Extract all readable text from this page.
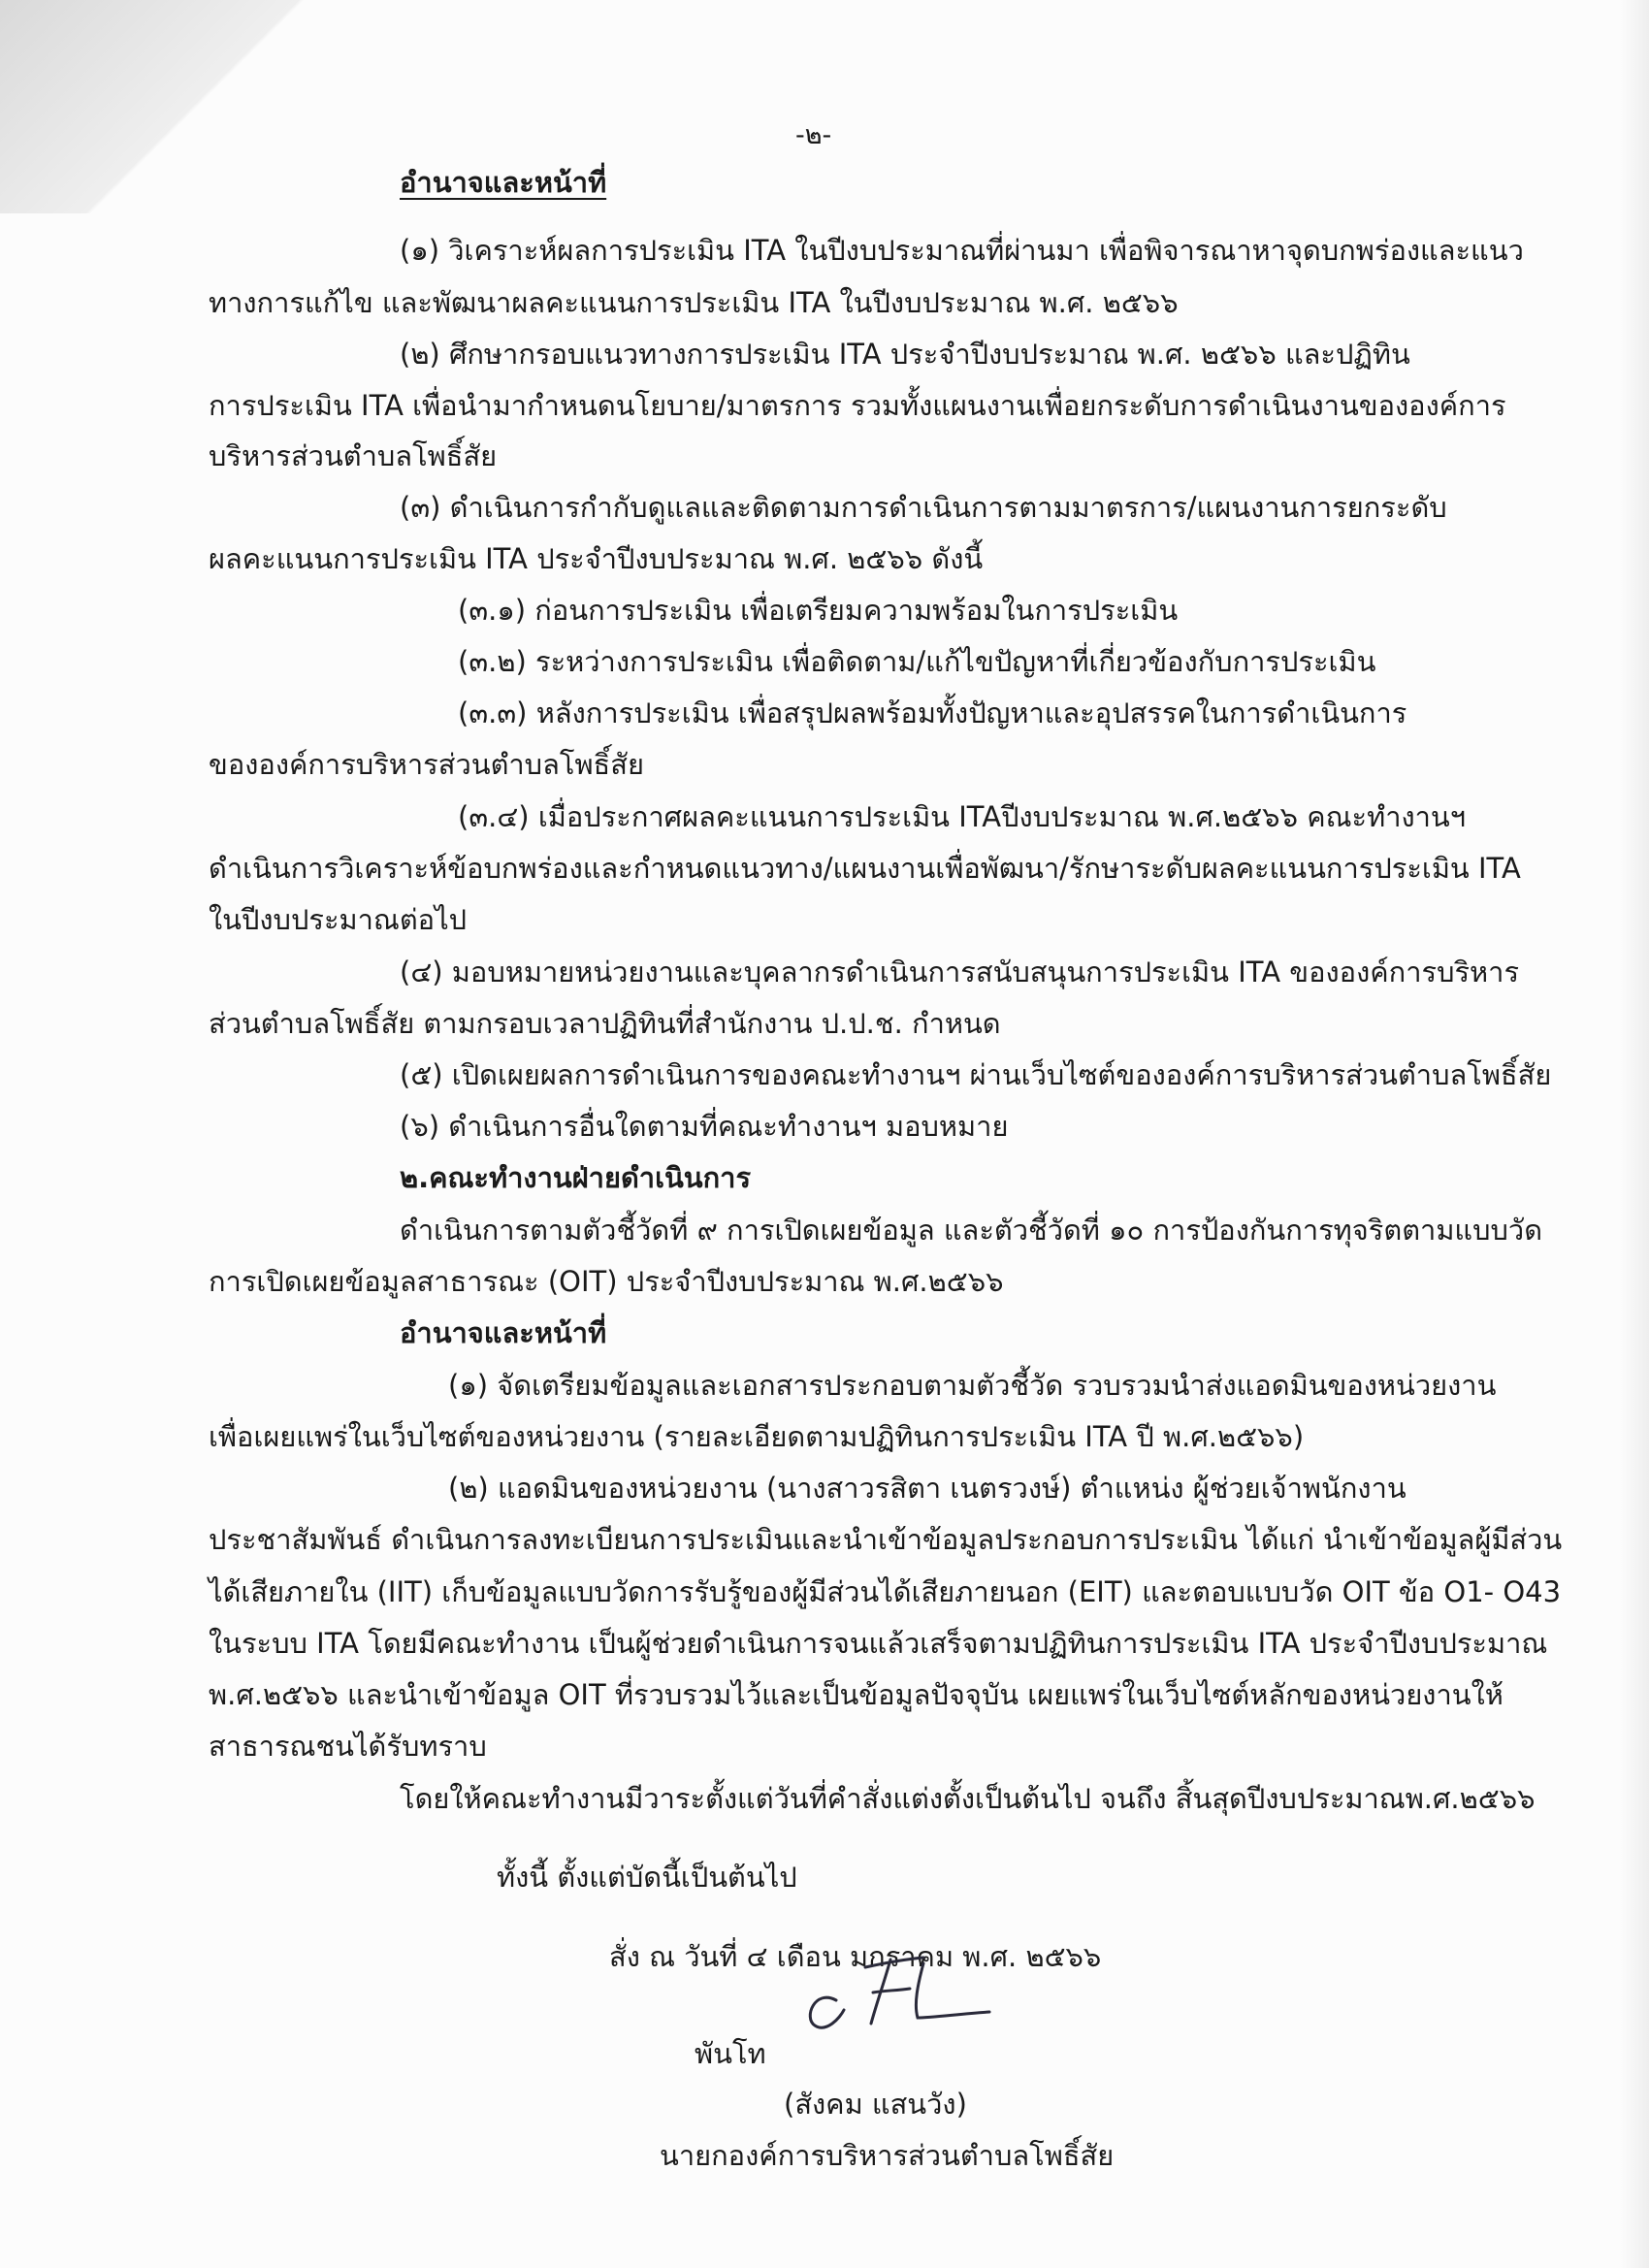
-๒-
อำนาจและหน้าที่
(๑) วิเคราะห์ผลการประเมิน ITA ในปีงบประมาณที่ผ่านมา เพื่อพิจารณาหาจุดบกพร่องและแนว
ทางการแก้ไข และพัฒนาผลคะแนนการประเมิน ITA ในปีงบประมาณ พ.ศ. ๒๕๖๖
(๒) ศึกษากรอบแนวทางการประเมิน ITA ประจำปีงบประมาณ พ.ศ. ๒๕๖๖ และปฏิทิน
การประเมิน ITA เพื่อนำมากำหนดนโยบาย/มาตรการ รวมทั้งแผนงานเพื่อยกระดับการดำเนินงานขององค์การ
บริหารส่วนตำบลโพธิ์สัย
(๓) ดำเนินการกำกับดูแลและติดตามการดำเนินการตามมาตรการ/แผนงานการยกระดับ
ผลคะแนนการประเมิน ITA ประจำปีงบประมาณ พ.ศ. ๒๕๖๖ ดังนี้
(๓.๑) ก่อนการประเมิน เพื่อเตรียมความพร้อมในการประเมิน
(๓.๒) ระหว่างการประเมิน เพื่อติดตาม/แก้ไขปัญหาที่เกี่ยวข้องกับการประเมิน
(๓.๓) หลังการประเมิน เพื่อสรุปผลพร้อมทั้งปัญหาและอุปสรรคในการดำเนินการ
ขององค์การบริหารส่วนตำบลโพธิ์สัย
(๓.๔) เมื่อประกาศผลคะแนนการประเมิน ITAปีงบประมาณ พ.ศ.๒๕๖๖ คณะทำงานฯ
ดำเนินการวิเคราะห์ข้อบกพร่องและกำหนดแนวทาง/แผนงานเพื่อพัฒนา/รักษาระดับผลคะแนนการประเมิน ITA
ในปีงบประมาณต่อไป
(๔) มอบหมายหน่วยงานและบุคลากรดำเนินการสนับสนุนการประเมิน ITA ขององค์การบริหาร
ส่วนตำบลโพธิ์สัย ตามกรอบเวลาปฏิทินที่สำนักงาน ป.ป.ช. กำหนด
(๕) เปิดเผยผลการดำเนินการของคณะทำงานฯ ผ่านเว็บไซต์ขององค์การบริหารส่วนตำบลโพธิ์สัย
(๖) ดำเนินการอื่นใดตามที่คณะทำงานฯ มอบหมาย
๒.คณะทำงานฝ่ายดำเนินการ
ดำเนินการตามตัวชี้วัดที่ ๙ การเปิดเผยข้อมูล และตัวชี้วัดที่ ๑๐ การป้องกันการทุจริตตามแบบวัด
การเปิดเผยข้อมูลสาธารณะ (OIT) ประจำปีงบประมาณ พ.ศ.๒๕๖๖
อำนาจและหน้าที่
(๑) จัดเตรียมข้อมูลและเอกสารประกอบตามตัวชี้วัด รวบรวมนำส่งแอดมินของหน่วยงาน
เพื่อเผยแพร่ในเว็บไซต์ของหน่วยงาน (รายละเอียดตามปฏิทินการประเมิน ITA ปี พ.ศ.๒๕๖๖)
(๒) แอดมินของหน่วยงาน (นางสาวรสิตา เนตรวงษ์) ตำแหน่ง ผู้ช่วยเจ้าพนักงาน
ประชาสัมพันธ์ ดำเนินการลงทะเบียนการประเมินและนำเข้าข้อมูลประกอบการประเมิน ได้แก่ นำเข้าข้อมูลผู้มีส่วน
ได้เสียภายใน (IIT) เก็บข้อมูลแบบวัดการรับรู้ของผู้มีส่วนได้เสียภายนอก (EIT) และตอบแบบวัด OIT ข้อ O1- O43
ในระบบ ITA โดยมีคณะทำงาน เป็นผู้ช่วยดำเนินการจนแล้วเสร็จตามปฏิทินการประเมิน ITA ประจำปีงบประมาณ
พ.ศ.๒๕๖๖ และนำเข้าข้อมูล OIT ที่รวบรวมไว้และเป็นข้อมูลปัจจุบัน เผยแพร่ในเว็บไซต์หลักของหน่วยงานให้
สาธารณชนได้รับทราบ
โดยให้คณะทำงานมีวาระตั้งแต่วันที่คำสั่งแต่งตั้งเป็นต้นไป จนถึง สิ้นสุดปีงบประมาณพ.ศ.๒๕๖๖
ทั้งนี้ ตั้งแต่บัดนี้เป็นต้นไป
สั่ง ณ วันที่ ๔ เดือน มกราคม พ.ศ. ๒๕๖๖
พันโท
(สังคม แสนวัง)
นายกองค์การบริหารส่วนตำบลโพธิ์สัย
